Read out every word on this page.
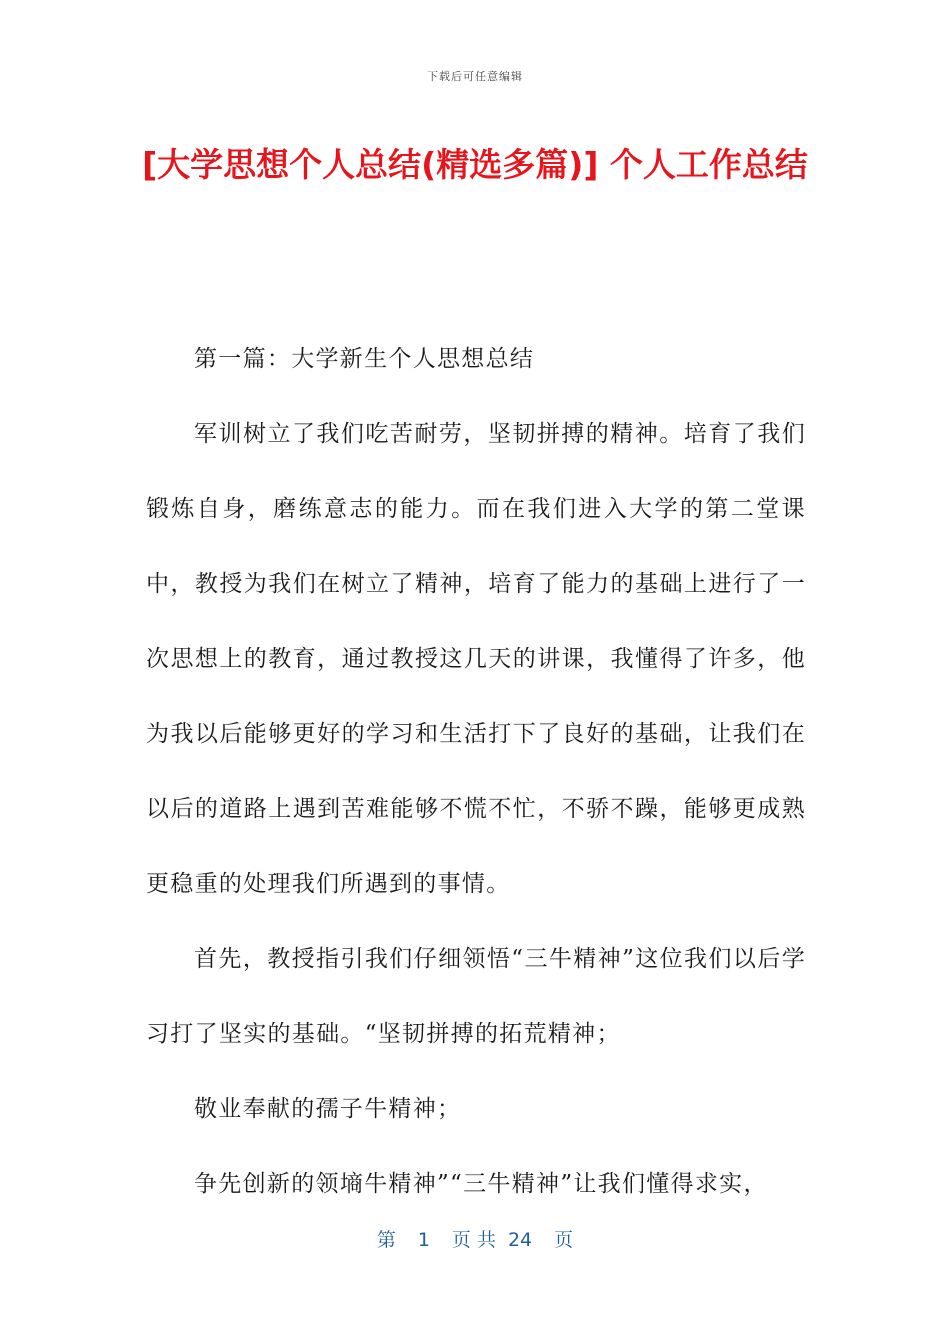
下载后可任意编辑
[大学思想个人总结(精选多篇)] 个人工作总结

第一篇：大学新生个人思想总结

军训树立了我们吃苦耐劳，坚韧拼搏的精神。培育了我们锻炼自身，磨练意志的能力。而在我们进入大学的第二堂课中，教授为我们在树立了精神，培育了能力的基础上进行了一次思想上的教育，通过教授这几天的讲课，我懂得了许多，他为我以后能够更好的学习和生活打下了良好的基础，让我们在以后的道路上遇到苦难能够不慌不忙，不骄不躁，能够更成熟更稳重的处理我们所遇到的事情。

首先，教授指引我们仔细领悟“三牛精神”这位我们以后学习打了坚实的基础。“坚韧拼搏的拓荒精神；

敬业奉献的孺子牛精神；

争先创新的领墒牛精神”“三牛精神”让我们懂得求实，

第 1 页 共 24 页
